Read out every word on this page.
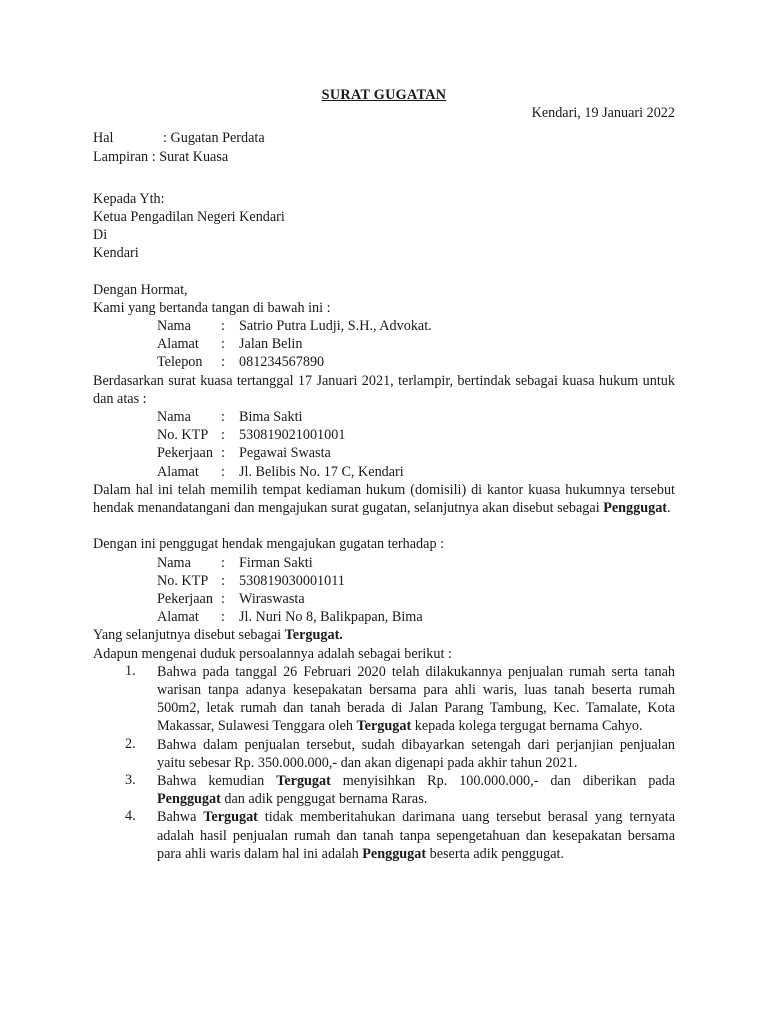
SURAT GUGATAN
Kendari, 19 Januari 2022
Hal	: Gugatan Perdata
Lampiran : Surat Kuasa
Kepada Yth:
Ketua Pengadilan Negeri Kendari
Di
Kendari
Dengan Hormat,
Kami yang bertanda tangan di bawah ini :
Nama	: Satrio Putra Ludji, S.H., Advokat.
Alamat	: Jalan Belin
Telepon	: 081234567890
Berdasarkan surat kuasa tertanggal 17 Januari 2021, terlampir, bertindak sebagai kuasa hukum untuk dan atas :
Nama	: Bima Sakti
No. KTP : 530819021001001
Pekerjaan : Pegawai Swasta
Alamat	: Jl. Belibis No. 17 C, Kendari
Dalam hal ini telah memilih tempat kediaman hukum (domisili) di kantor kuasa hukumnya tersebut hendak menandatangani dan mengajukan surat gugatan, selanjutnya akan disebut sebagai Penggugat.
Dengan ini penggugat hendak mengajukan gugatan terhadap :
Nama	: Firman Sakti
No. KTP : 530819030001011
Pekerjaan : Wiraswasta
Alamat	: Jl. Nuri No 8, Balikpapan, Bima
Yang selanjutnya disebut sebagai Tergugat.
Adapun mengenai duduk persoalannya adalah sebagai berikut :
1.	Bahwa pada tanggal 26 Februari 2020 telah dilakukannya penjualan rumah serta tanah warisan tanpa adanya kesepakatan bersama para ahli waris, luas tanah beserta rumah 500m2, letak rumah dan tanah berada di Jalan Parang Tambung, Kec. Tamalate, Kota Makassar, Sulawesi Tenggara oleh Tergugat kepada kolega tergugat bernama Cahyo.
2.	Bahwa dalam penjualan tersebut, sudah dibayarkan setengah dari perjanjian penjualan yaitu sebesar Rp. 350.000.000,- dan akan digenapi pada akhir tahun 2021.
3.	Bahwa kemudian Tergugat menyisihkan Rp. 100.000.000,- dan diberikan pada Penggugat dan adik penggugat bernama Raras.
4.	Bahwa Tergugat tidak memberitahukan darimana uang tersebut berasal yang ternyata adalah hasil penjualan rumah dan tanah tanpa sepengetahuan dan kesepakatan bersama para ahli waris dalam hal ini adalah Penggugat beserta adik penggugat.
